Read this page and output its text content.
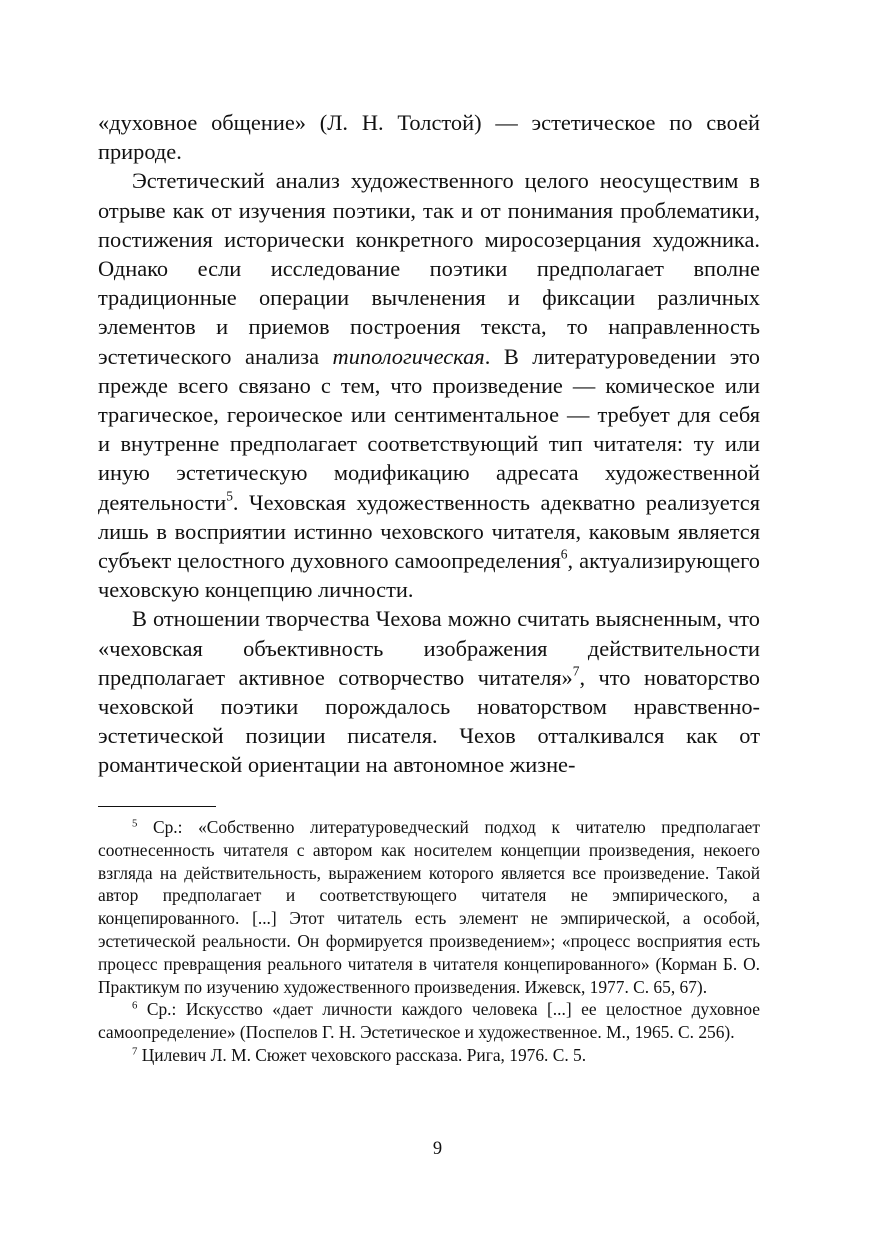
«духовное общение» (Л. Н. Толстой) — эстетическое по своей природе.

Эстетический анализ художественного целого неосуществим в отрыве как от изучения поэтики, так и от понимания проблематики, постижения исторически конкретного миросозерцания художника. Однако если исследование поэтики предполагает вполне традиционные операции вычленения и фиксации различных элементов и приемов построения текста, то направленность эстетического анализа типологическая. В литературоведении это прежде всего связано с тем, что произведение — комическое или трагическое, героическое или сентиментальное — требует для себя и внутренне предполагает соответствующий тип читателя: ту или иную эстетическую модификацию адресата художественной деятельности$^5$. Чеховская художественность адекватно реализуется лишь в восприятии истинно чеховского читателя, каковым является субъект целостного духовного самоопределения$^6$, актуализирующего чеховскую концепцию личности.

В отношении творчества Чехова можно считать выясненным, что «чеховская объективность изображения действительности предполагает активное сотворчество читателя»$^7$, что новаторство чеховской поэтики порождалось новаторством нравственно-эстетической позиции писателя. Чехов отталкивался как от романтической ориентации на автономное жизне-

$^5$ Ср.: «Собственно литературоведческий подход к читателю предполагает соотнесенность читателя с автором как носителем концепции произведения, некоего взгляда на действительность, выражением которого является все произведение. Такой автор предполагает и соответствующего читателя не эмпирического, а концепированного. [...] Этот читатель есть элемент не эмпирической, а особой, эстетической реальности. Он формируется произведением»; «процесс восприятия есть процесс превращения реального читателя в читателя концепированного» (Корман Б. О. Практикум по изучению художественного произведения. Ижевск, 1977. С. 65, 67).

$^6$ Ср.: Искусство «дает личности каждого человека [...] ее целостное духовное самоопределение» (Поспелов Г. Н. Эстетическое и художественное. М., 1965. С. 256).

$^7$ Цилевич Л. М. Сюжет чеховского рассказа. Рига, 1976. С. 5.

9
